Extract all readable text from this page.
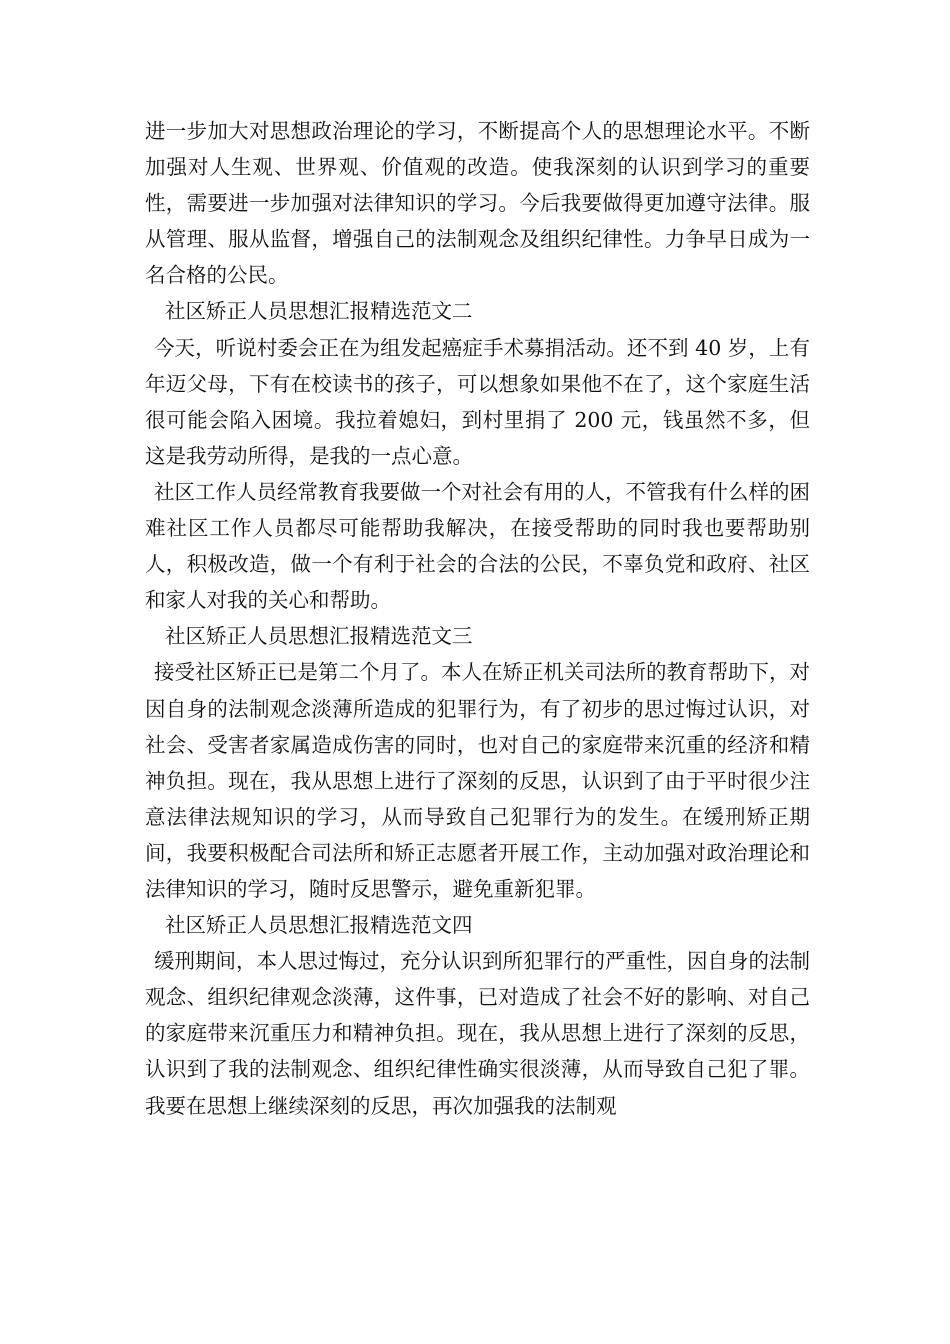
进一步加大对思想政治理论的学习，不断提高个人的思想理论水平。不断加强对人生观、世界观、价值观的改造。使我深刻的认识到学习的重要性，需要进一步加强对法律知识的学习。今后我要做得更加遵守法律。服从管理、服从监督，增强自己的法制观念及组织纪律性。力争早日成为一名合格的公民。

社区矫正人员思想汇报精选范文二

今天，听说村委会正在为组发起癌症手术募捐活动。还不到 40 岁，上有年迈父母，下有在校读书的孩子，可以想象如果他不在了，这个家庭生活很可能会陷入困境。我拉着媳妇，到村里捐了 200 元，钱虽然不多，但这是我劳动所得，是我的一点心意。

社区工作人员经常教育我要做一个对社会有用的人，不管我有什么样的困难社区工作人员都尽可能帮助我解决，在接受帮助的同时我也要帮助别人，积极改造，做一个有利于社会的合法的公民，不辜负党和政府、社区和家人对我的关心和帮助。

社区矫正人员思想汇报精选范文三

接受社区矫正已是第二个月了。本人在矫正机关司法所的教育帮助下，对因自身的法制观念淡薄所造成的犯罪行为，有了初步的思过悔过认识，对社会、受害者家属造成伤害的同时，也对自己的家庭带来沉重的经济和精神负担。现在，我从思想上进行了深刻的反思，认识到了由于平时很少注意法律法规知识的学习，从而导致自己犯罪行为的发生。在缓刑矫正期间，我要积极配合司法所和矫正志愿者开展工作，主动加强对政治理论和法律知识的学习，随时反思警示，避免重新犯罪。

社区矫正人员思想汇报精选范文四

缓刑期间，本人思过悔过，充分认识到所犯罪行的严重性，因自身的法制观念、组织纪律观念淡薄，这件事，已对造成了社会不好的影响、对自己的家庭带来沉重压力和精神负担。现在，我从思想上进行了深刻的反思，认识到了我的法制观念、组织纪律性确实很淡薄，从而导致自己犯了罪。我要在思想上继续深刻的反思，再次加强我的法制观
